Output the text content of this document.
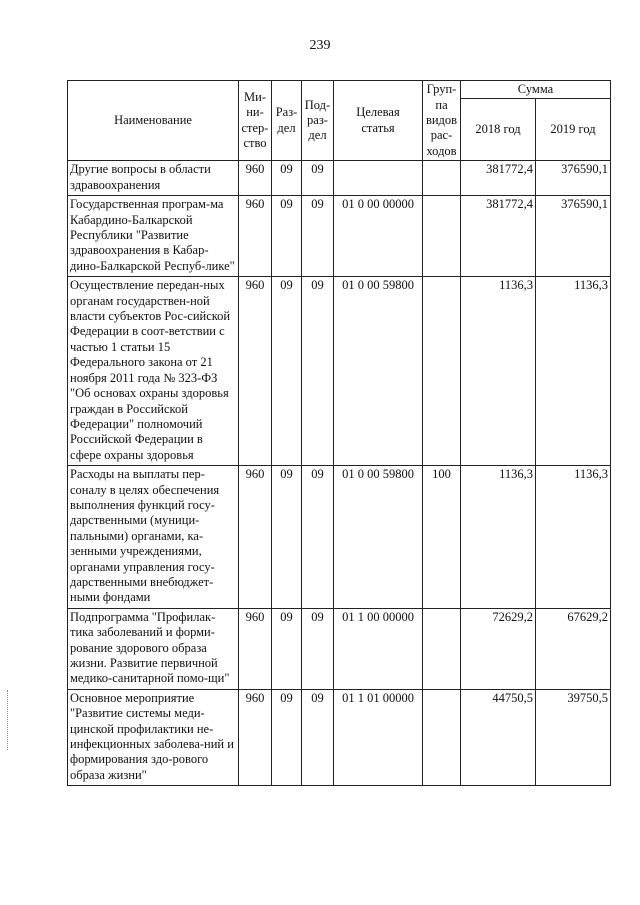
239
Наименование	Ми-
ни-
стер-
ство	Раз-
дел	Под-
раз-
дел	Целевая
статья	Груп-
па
видов
рас-
ходов	Сумма	
						2018 год	2019 год
Другие вопросы в области здравоохранения	960	09	09			381772,4	376590,1
Государственная програм-ма Кабардино-Балкарской Республики "Развитие здравоохранения в Кабар-дино-Балкарской Респуб-лике"	960	09	09	01 0 00 00000		381772,4	376590,1
Осуществление передан-ных органам государствен-ной власти субъектов Рос-сийской Федерации в соот-ветствии с частью 1 статьи 15 Федерального закона от 21 ноября 2011 года № 323-ФЗ "Об основах охраны здоровья граждан в Российской Федерации" полномочий Российской Федерации в сфере охраны здоровья	960	09	09	01 0 00 59800		1136,3	1136,3
Расходы на выплаты пер-соналу в целях обеспечения выполнения функций госу-дарственными (муници-пальными) органами, ка-зенными учреждениями, органами управления госу-дарственными внебюджет-ными фондами	960	09	09	01 0 00 59800	100	1136,3	1136,3
Подпрограмма "Профилак-тика заболеваний и форми-рование здорового образа жизни. Развитие первичной медико-санитарной помо-щи"	960	09	09	01 1 00 00000		72629,2	67629,2
Основное мероприятие "Развитие системы меди-цинской профилактики не-инфекционных заболева-ний и формирования здо-рового образа жизни"	960	09	09	01 1 01 00000		44750,5	39750,5
